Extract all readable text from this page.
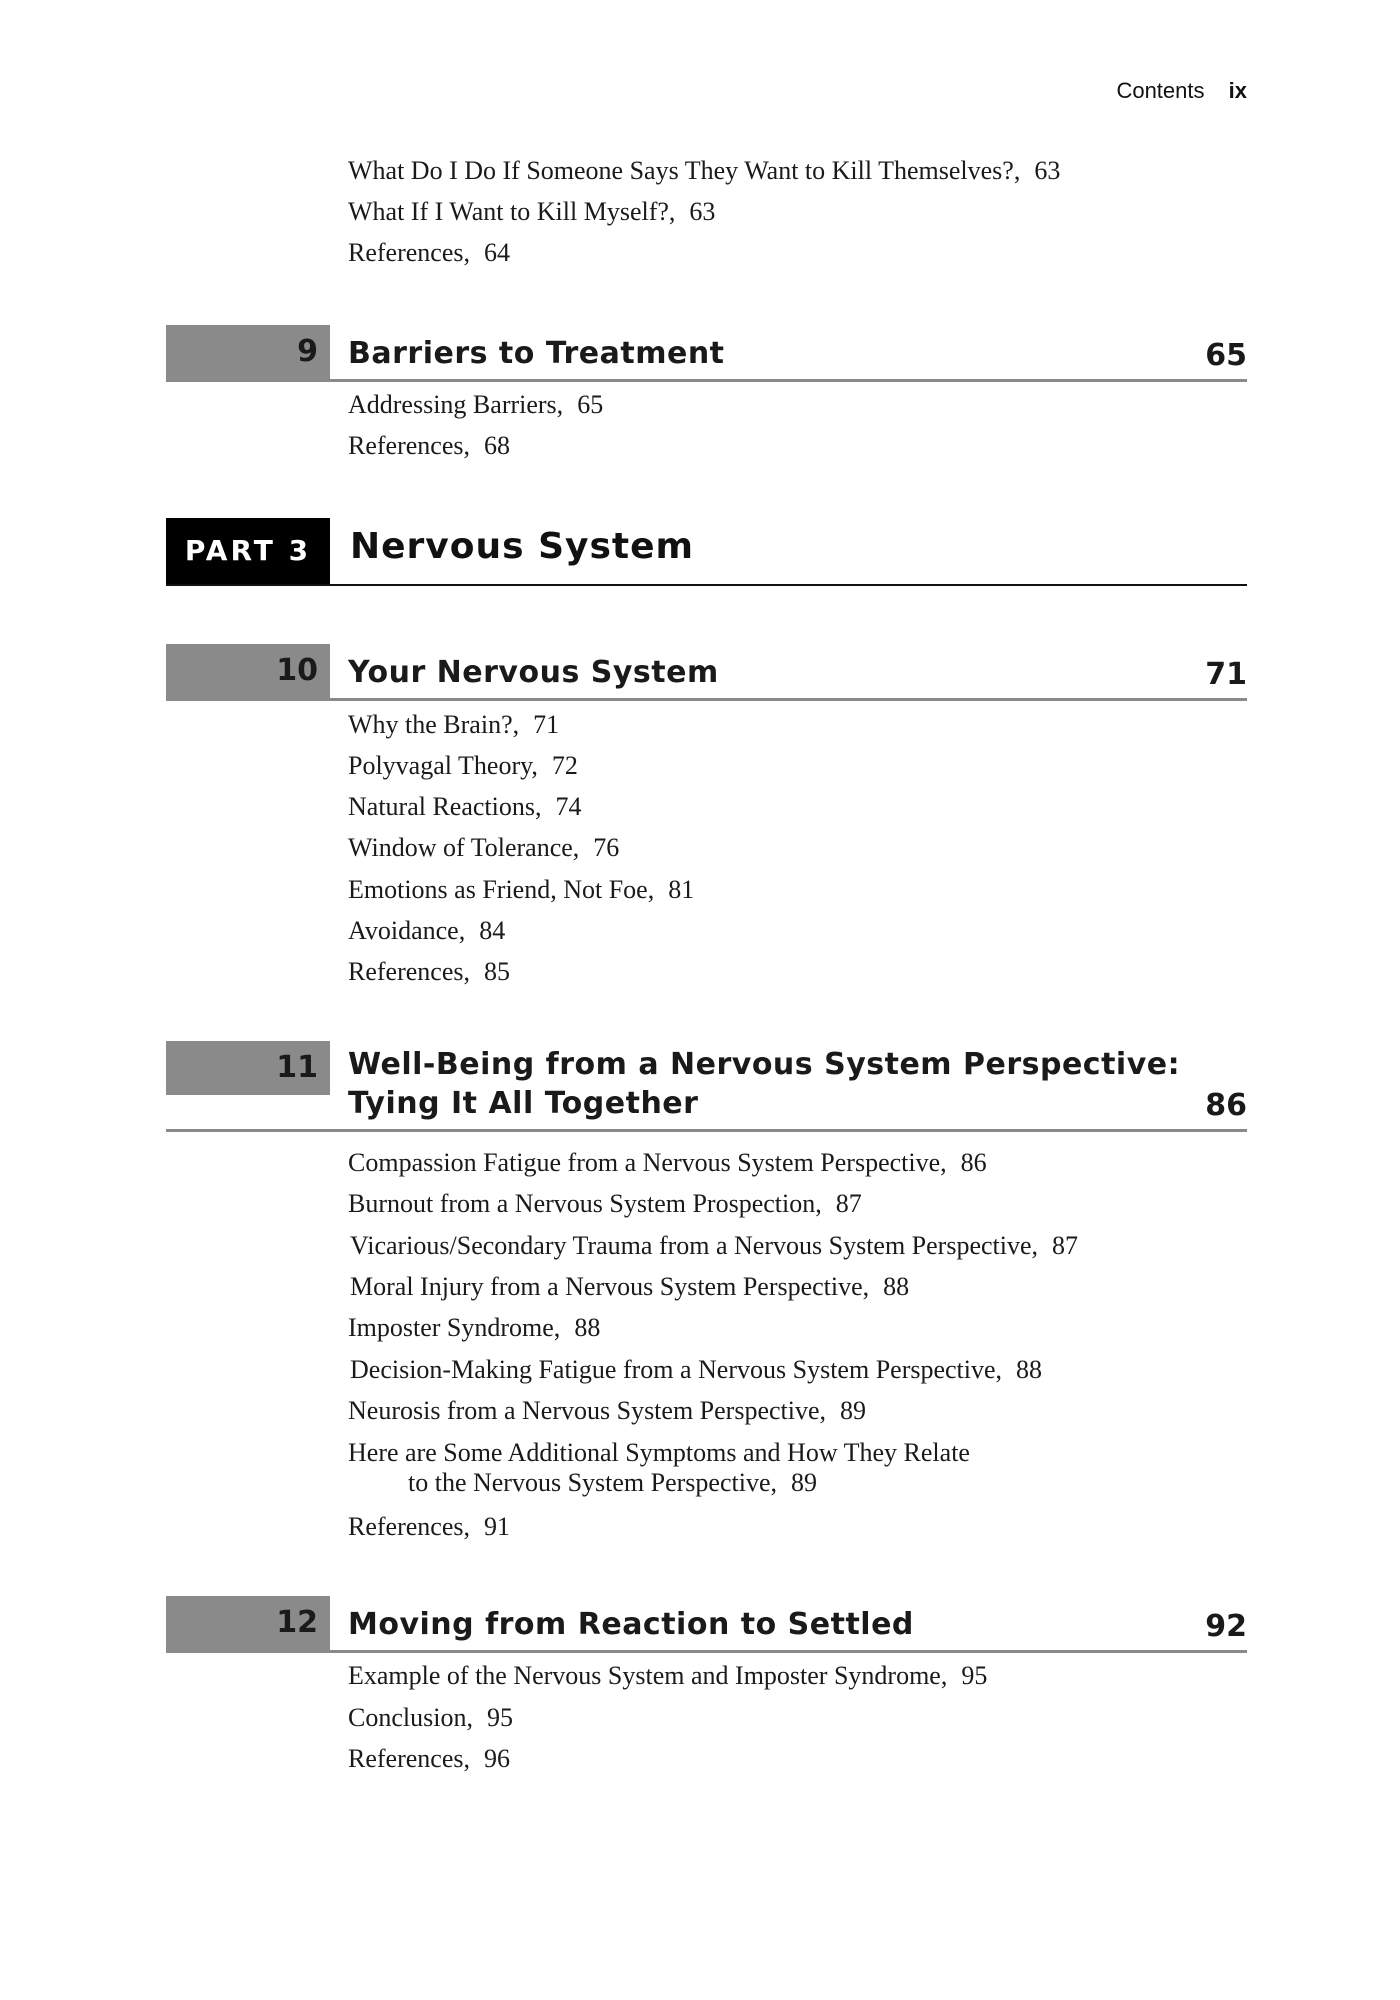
Contents ix
What Do I Do If Someone Says They Want to Kill Themselves?, 63
What If I Want to Kill Myself?, 63
References, 64
9	Barriers to Treatment	65
Addressing Barriers, 65
References, 68
PART 3	Nervous System
10	Your Nervous System	71
Why the Brain?, 71
Polyvagal Theory, 72
Natural Reactions, 74
Window of Tolerance, 76
Emotions as Friend, Not Foe, 81
Avoidance, 84
References, 85
11	Well-Being from a Nervous System Perspective:
Tying It All Together	86
Compassion Fatigue from a Nervous System Perspective, 86
Burnout from a Nervous System Prospection, 87
Vicarious/Secondary Trauma from a Nervous System Perspective, 87
Moral Injury from a Nervous System Perspective, 88
Imposter Syndrome, 88
Decision-Making Fatigue from a Nervous System Perspective, 88
Neurosis from a Nervous System Perspective, 89
Here are Some Additional Symptoms and How They Relate
to the Nervous System Perspective, 89
References, 91
12	Moving from Reaction to Settled	92
Example of the Nervous System and Imposter Syndrome, 95
Conclusion, 95
References, 96
